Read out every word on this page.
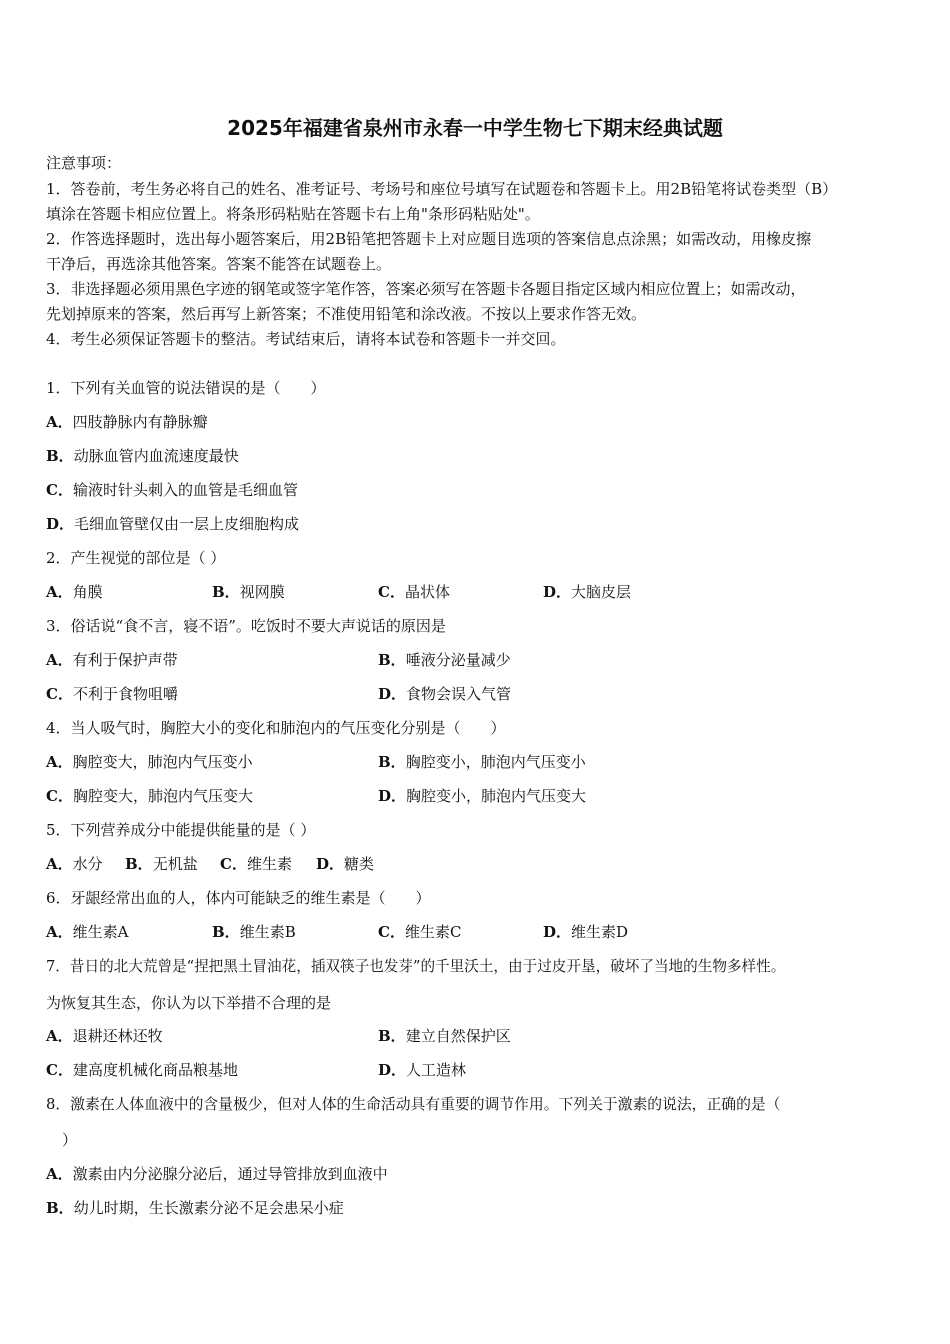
2025年福建省泉州市永春一中学生物七下期末经典试题
注意事项：
1．答卷前，考生务必将自己的姓名、准考证号、考场号和座位号填写在试题卷和答题卡上。用2B铅笔将试卷类型（B）
填涂在答题卡相应位置上。将条形码粘贴在答题卡右上角"条形码粘贴处"。
2．作答选择题时，选出每小题答案后，用2B铅笔把答题卡上对应题目选项的答案信息点涂黑；如需改动，用橡皮擦
干净后，再选涂其他答案。答案不能答在试题卷上。
3．非选择题必须用黑色字迹的钢笔或签字笔作答，答案必须写在答题卡各题目指定区域内相应位置上；如需改动，
先划掉原来的答案，然后再写上新答案；不准使用铅笔和涂改液。不按以上要求作答无效。
4．考生必须保证答题卡的整洁。考试结束后，请将本试卷和答题卡一并交回。
1．下列有关血管的说法错误的是（　　）
A．四肢静脉内有静脉瓣
B．动脉血管内血流速度最快
C．输液时针头刺入的血管是毛细血管
D．毛细血管壁仅由一层上皮细胞构成
2．产生视觉的部位是（ ）
A．角膜	B．视网膜	C．晶状体	D．大脑皮层
3．俗话说“食不言，寝不语”。吃饭时不要大声说话的原因是
A．有利于保护声带	B．唾液分泌量减少
C．不利于食物咀嚼	D．食物会误入气管
4．当人吸气时，胸腔大小的变化和肺泡内的气压变化分别是（　　）
A．胸腔变大，肺泡内气压变小	B．胸腔变小，肺泡内气压变小
C．胸腔变大，肺泡内气压变大	D．胸腔变小，肺泡内气压变大
5．下列营养成分中能提供能量的是（ ）
A．水分 B．无机盐 C．维生素 D．糖类
6．牙龈经常出血的人，体内可能缺乏的维生素是（　　）
A．维生素A	B．维生素B	C．维生素C	D．维生素D
7．昔日的北大荒曾是“捏把黑土冒油花，插双筷子也发芽”的千里沃土，由于过皮开垦，破坏了当地的生物多样性。
为恢复其生态，你认为以下举措不合理的是
A．退耕还林还牧	B．建立自然保护区
C．建高度机械化商品粮基地	D．人工造林
8．激素在人体血液中的含量极少，但对人体的生命活动具有重要的调节作用。下列关于激素的说法，正确的是（
）
A．激素由内分泌腺分泌后，通过导管排放到血液中
B．幼儿时期，生长激素分泌不足会患呆小症
